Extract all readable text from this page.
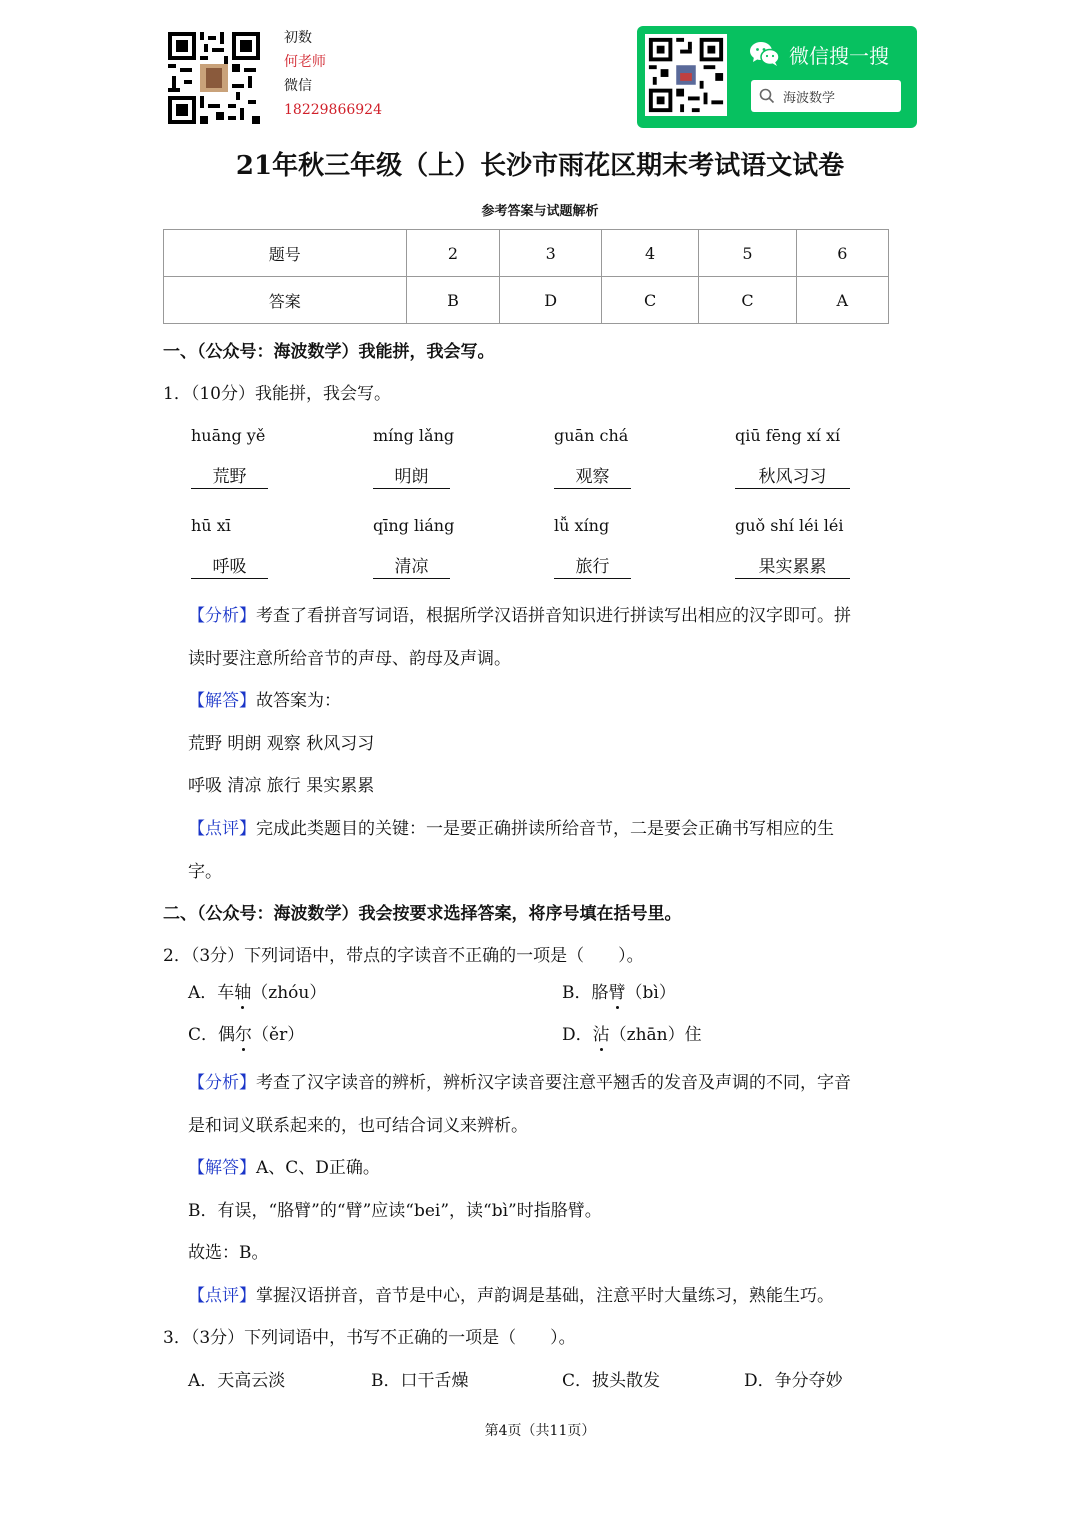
初数
何老师
微信
18229866924
微信搜一搜
海波数学
21年秋三年级（上）长沙市雨花区期末考试语文试卷
参考答案与试题解析
题号	2	3	4	5	6
答案	B	D	C	C	A
一、（公众号：海波数学）我能拼，我会写。
1．（10分）我能拼，我会写。
huāng yě	míng lǎng	guān chá	qiū fēng xí xí
荒野	明朗	观察	秋风习习
hū xī	qīng liáng	lǚ xíng	guǒ shí léi léi
呼吸	清凉	旅行	果实累累
【分析】考查了看拼音写词语，根据所学汉语拼音知识进行拼读写出相应的汉字即可。拼
读时要注意所给音节的声母、韵母及声调。
【解答】故答案为：
荒野 明朗 观察 秋风习习
呼吸 清凉 旅行 果实累累
【点评】完成此类题目的关键：一是要正确拼读所给音节，二是要会正确书写相应的生
字。
二、（公众号：海波数学）我会按要求选择答案，将序号填在括号里。
2．（3分）下列词语中，带点的字读音不正确的一项是（　　）。
A．车轴（zhóu）	B．胳臂（bì）
C．偶尔（ěr）	D．沾（zhān）住
【分析】考查了汉字读音的辨析，辨析汉字读音要注意平翘舌的发音及声调的不同，字音
是和词义联系起来的，也可结合词义来辨析。
【解答】A、C、D正确。
B．有误，“胳臂”的“臂”应读“bei”，读“bì”时指胳臂。
故选：B。
【点评】掌握汉语拼音，音节是中心，声韵调是基础，注意平时大量练习，熟能生巧。
3．（3分）下列词语中，书写不正确的一项是（　　）。
A．天高云淡	B．口干舌燥	C．披头散发	D．争分夺妙
第4页（共11页）
